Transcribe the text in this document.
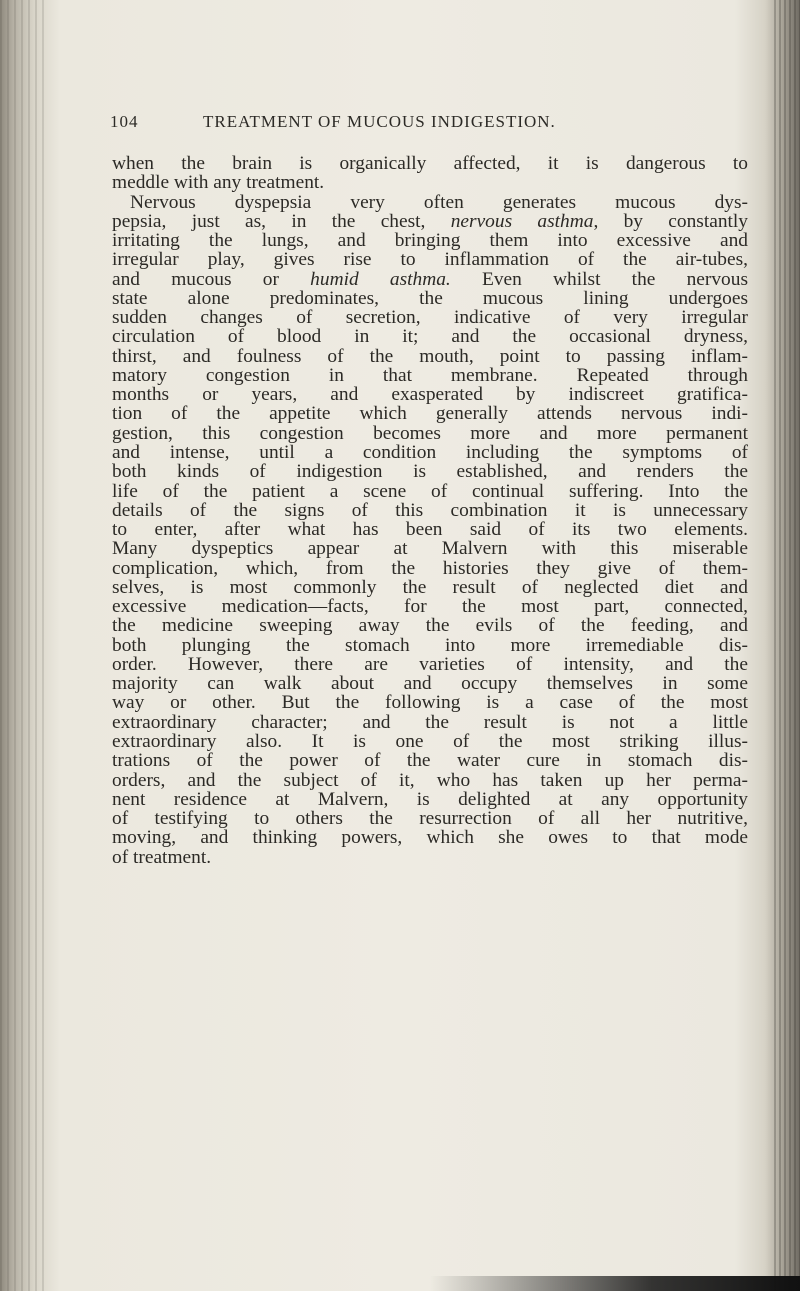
104	TREATMENT OF MUCOUS INDIGESTION.
when the brain is organically affected, it is dangerous to
meddle with any treatment.
Nervous dyspepsia very often generates mucous dys-
pepsia, just as, in the chest, nervous asthma, by constantly
irritating the lungs, and bringing them into excessive and
irregular play, gives rise to inflammation of the air-tubes,
and mucous or humid asthma. Even whilst the nervous
state alone predominates, the mucous lining undergoes
sudden changes of secretion, indicative of very irregular
circulation of blood in it; and the occasional dryness,
thirst, and foulness of the mouth, point to passing inflam-
matory congestion in that membrane. Repeated through
months or years, and exasperated by indiscreet gratifica-
tion of the appetite which generally attends nervous indi-
gestion, this congestion becomes more and more permanent
and intense, until a condition including the symptoms of
both kinds of indigestion is established, and renders the
life of the patient a scene of continual suffering. Into the
details of the signs of this combination it is unnecessary
to enter, after what has been said of its two elements.
Many dyspeptics appear at Malvern with this miserable
complication, which, from the histories they give of them-
selves, is most commonly the result of neglected diet and
excessive medication—facts, for the most part, connected,
the medicine sweeping away the evils of the feeding, and
both plunging the stomach into more irremediable dis-
order. However, there are varieties of intensity, and the
majority can walk about and occupy themselves in some
way or other. But the following is a case of the most
extraordinary character; and the result is not a little
extraordinary also. It is one of the most striking illus-
trations of the power of the water cure in stomach dis-
orders, and the subject of it, who has taken up her perma-
nent residence at Malvern, is delighted at any opportunity
of testifying to others the resurrection of all her nutritive,
moving, and thinking powers, which she owes to that mode
of treatment.
